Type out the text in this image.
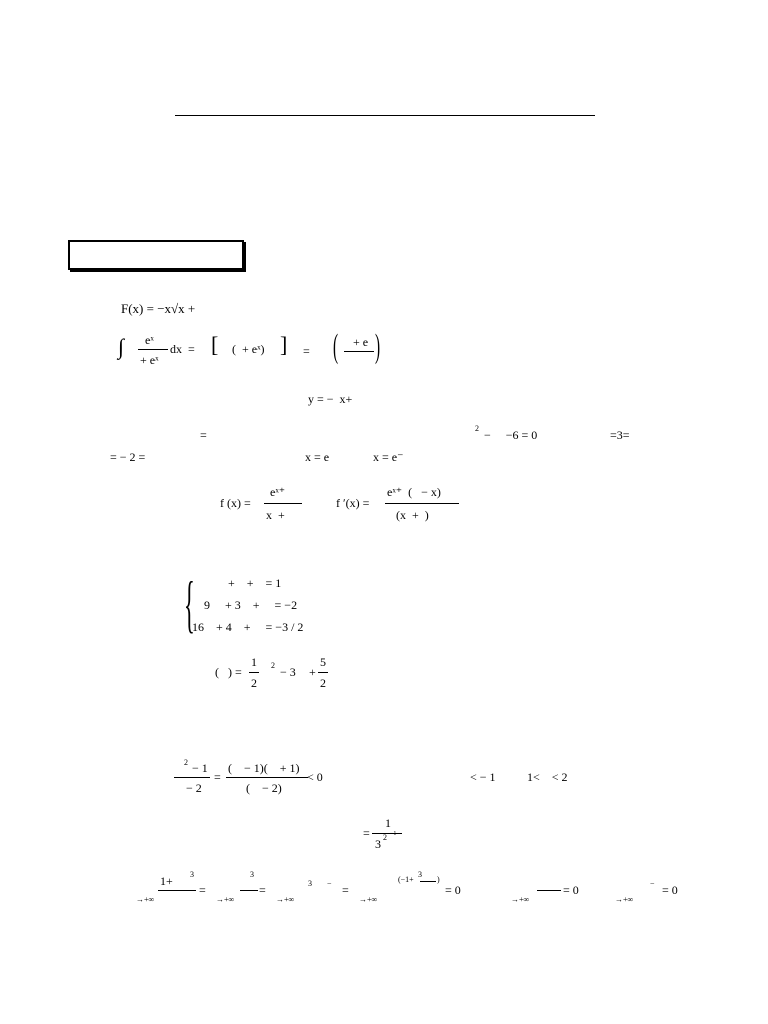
F(x) = −x√x +
∫ eˣ
+ eˣ
dx  = [ (  + eˣ) ] = ( + e )
y = −  x+
=	2 −     −6 = 0	=3=
= − 2 =	x = e	x = e⁻
f (x) =
eˣ⁺
x  +
f ʹ(x) =
eˣ⁺  (   − x)
(x  +  )
{	+    +    = 1
9     + 3    +     = −2
16    + 4    +     = −3 / 2
(   ) =
1
2
2 − 3 +
5
2
2 − 1
− 2
=
(    − 1)(    + 1)
(    − 2)
< 0	< − 1	1<    < 2
=
1
3 2 −1
1+ 3
=
→+∞
3
=
→+∞
3 − =
→+∞
(−1+
3
)
= 0
→+∞
= 0
→+∞
− = 0
→+∞
